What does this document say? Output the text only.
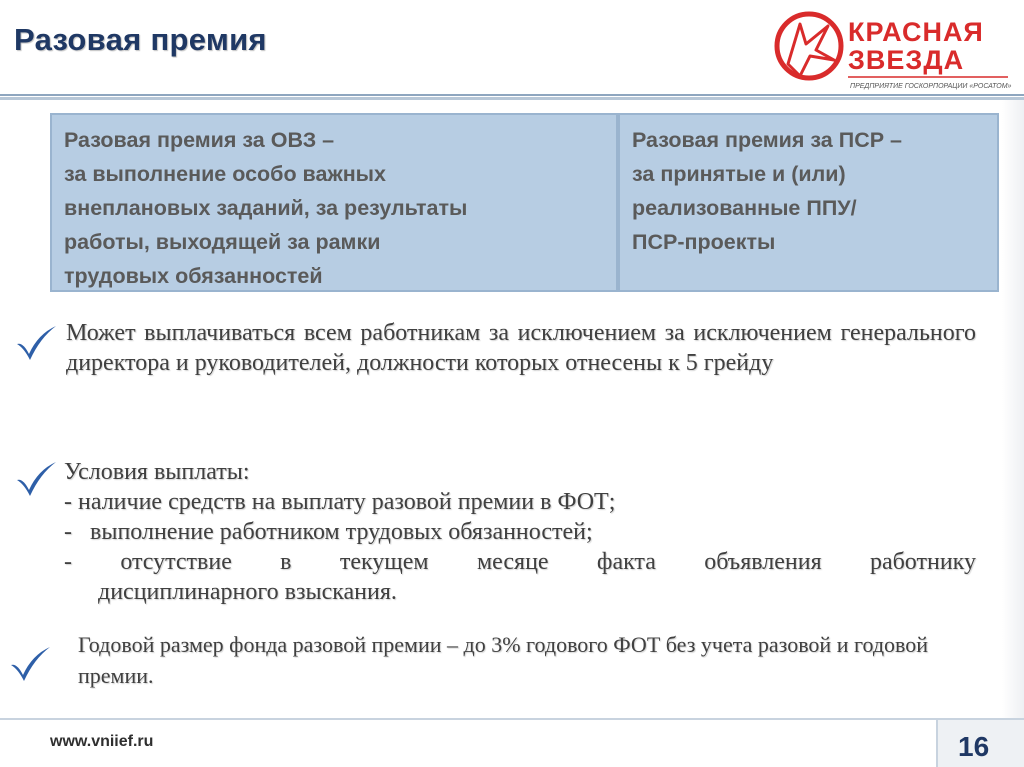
Разовая премия	КРАСНАЯ
ЗВЕЗДА
ПРЕДПРИЯТИЕ ГОСКОРПОРАЦИИ «РОСАТОМ»
Разовая премия за ОВЗ –
за выполнение особо важных
внеплановых заданий, за результаты
работы, выходящей за рамки
трудовых обязанностей
Разовая премия за ПСР –
за принятые и (или)
реализованные ППУ/
ПСР-проекты
Может выплачиваться всем работникам за исключением за исключением генерального директора и руководителей, должности которых отнесены к 5 грейду
Условия выплаты:
- наличие средств на выплату разовой премии в ФОТ;
-   выполнение работником трудовых обязанностей;
- отсутствие в текущем месяце факта объявления работнику
дисциплинарного взыскания.
Годовой размер фонда разовой премии – до 3% годового ФОТ без учета разовой и годовой премии.
www.vniief.ru	16
